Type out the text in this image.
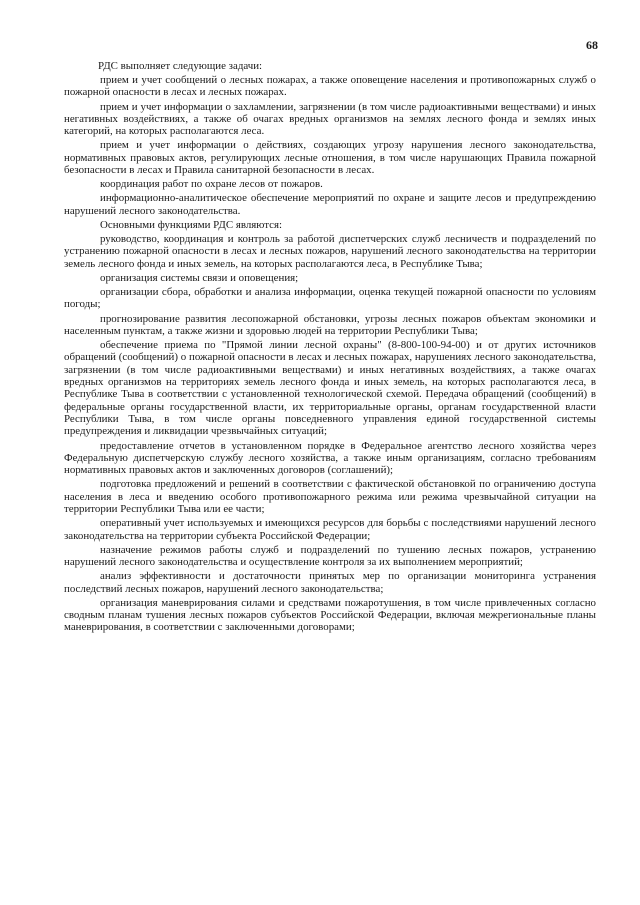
68

РДС выполняет следующие задачи:

прием и учет сообщений о лесных пожарах, а также оповещение населения и противопожарных служб о пожарной опасности в лесах и лесных пожарах.

прием и учет информации о захламлении, загрязнении (в том числе радиоактивными веществами) и иных негативных воздействиях, а также об очагах вредных организмов на землях лесного фонда и землях иных категорий, на которых располагаются леса.

прием и учет информации о действиях, создающих угрозу нарушения лесного законодательства, нормативных правовых актов, регулирующих лесные отношения, в том числе нарушающих Правила пожарной безопасности в лесах и Правила санитарной безопасности в лесах.

координация работ по охране лесов от пожаров.

информационно-аналитическое обеспечение мероприятий по охране и защите лесов и предупреждению нарушений лесного законодательства.

Основными функциями РДС являются:

руководство, координация и контроль за работой диспетчерских служб лесничеств и подразделений по устранению пожарной опасности в лесах и лесных пожаров, нарушений лесного законодательства на территории земель лесного фонда и иных земель, на которых располагаются леса, в Республике Тыва;

организация системы связи и оповещения;

организации сбора, обработки и анализа информации, оценка текущей пожарной опасности по условиям погоды;

прогнозирование развития лесопожарной обстановки, угрозы лесных пожаров объектам экономики и населенным пунктам, а также жизни и здоровью людей на территории Республики Тыва;

обеспечение приема по "Прямой линии лесной охраны" (8-800-100-94-00) и от других источников обращений (сообщений) о пожарной опасности в лесах и лесных пожарах, нарушениях лесного законодательства, загрязнении (в том числе радиоактивными веществами) и иных негативных воздействиях, а также очагах вредных организмов на территориях земель лесного фонда и иных земель, на которых располагаются леса, в Республике Тыва в соответствии с установленной технологической схемой. Передача обращений (сообщений) в федеральные органы государственной власти, их территориальные органы, органам государственной власти Республики Тыва, в том числе органы повседневного управления единой государственной системы предупреждения и ликвидации чрезвычайных ситуаций;

предоставление отчетов в установленном порядке в Федеральное агентство лесного хозяйства через Федеральную диспетчерскую службу лесного хозяйства, а также иным организациям, согласно требованиям нормативных правовых актов и заключенных договоров (соглашений);

подготовка предложений и решений в соответствии с фактической обстановкой по ограничению доступа населения в леса и введению особого противопожарного режима или режима чрезвычайной ситуации на территории Республики Тыва или ее части;

оперативный учет используемых и имеющихся ресурсов для борьбы с последствиями нарушений лесного законодательства на территории субъекта Российской Федерации;

назначение режимов работы служб и подразделений по тушению лесных пожаров, устранению нарушений лесного законодательства и осуществление контроля за их выполнением мероприятий;

анализ эффективности и достаточности принятых мер по организации мониторинга устранения последствий лесных пожаров, нарушений лесного законодательства;

организация маневрирования силами и средствами пожаротушения, в том числе привлеченных согласно сводным планам тушения лесных пожаров субъектов Российской Федерации, включая межрегиональные планы маневрирования, в соответствии с заключенными договорами;
